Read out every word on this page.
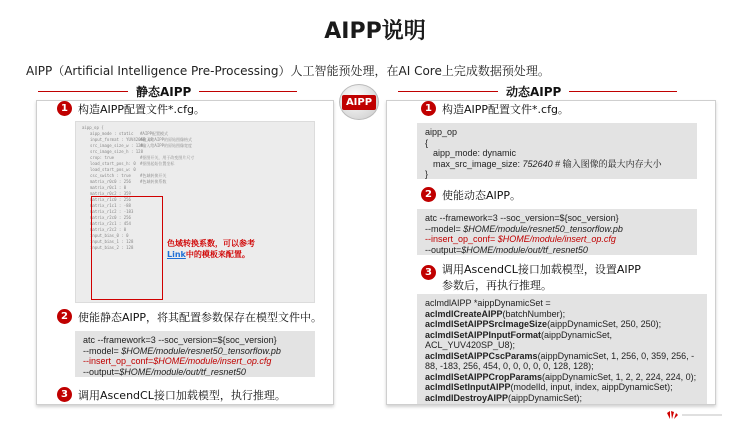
AIPP说明
AIPP（Artificial Intelligence Pre-Processing）人工智能预处理，在AI Core上完成数据预处理。
静态AIPP	动态AIPP
AIPP
1 构造AIPP配置文件*.cfg。
aipp_op {
aipp_mode : static	#AIPP配置模式
input_format : YUV420SP_U8
#输入给AIPP的原始图像格式
src_image_size_w : 128
#输入给AIPP的原始图像宽度
src_image_size_h : 128
crop: true	#抠图开关，用于改变图片尺寸
load_start_pos_h: 0	#抠图起始位置坐标
load_start_pos_w: 0
csc_switch : true	#色域转换开关
matrix_r0c0 : 256	#色域转换系数
matrix_r0c1 : 0
matrix_r0c2 : 359
matrix_r1c0 : 256
matrix_r1c1 : -88
matrix_r1c2 : -183
matrix_r2c0 : 256
matrix_r2c1 : 454
matrix_r2c2 : 0
input_bias_0 : 0
input_bias_1 : 128
input_bias_2 : 128	色域转换系数，可以参考Link中的模板来配置。
2 使能静态AIPP，将其配置参数保存在模型文件中。
atc --framework=3 --soc_version=${soc_version}
--model= $HOME/module/resnet50_tensorflow.pb
--insert_op_conf=$HOME/module/insert_op.cfg
--output=$HOME/module/out/tf_resnet50
3 调用AscendCL接口加载模型，执行推理。
1 构造AIPP配置文件*.cfg。
aipp_op
{
aipp_mode: dynamic
max_src_image_size: 752640 # 输入图像的最大内存大小
}
2 使能动态AIPP。
atc --framework=3 --soc_version=${soc_version}
--model= $HOME/module/resnet50_tensorflow.pb
--insert_op_conf= $HOME/module/insert_op.cfg
--output=$HOME/module/out/tf_resnet50
3 调用AscendCL接口加载模型，设置AIPP
参数后，再执行推理。
aclmdlAIPP *aippDynamicSet =
aclmdlCreateAIPP(batchNumber);
aclmdlSetAIPPSrcImageSize(aippDynamicSet, 250, 250);
aclmdlSetAIPPInputFormat(aippDynamicSet,
ACL_YUV420SP_U8);
aclmdlSetAIPPCscParams(aippDynamicSet, 1, 256, 0, 359, 256, -
88, -183, 256, 454, 0, 0, 0, 0, 0, 128, 128);
aclmdlSetAIPPCropParams(aippDynamicSet, 1, 2, 2, 224, 224, 0);
aclmdlSetInputAIPP(modelId, input, index, aippDynamicSet);
aclmdlDestroyAIPP(aippDynamicSet);
